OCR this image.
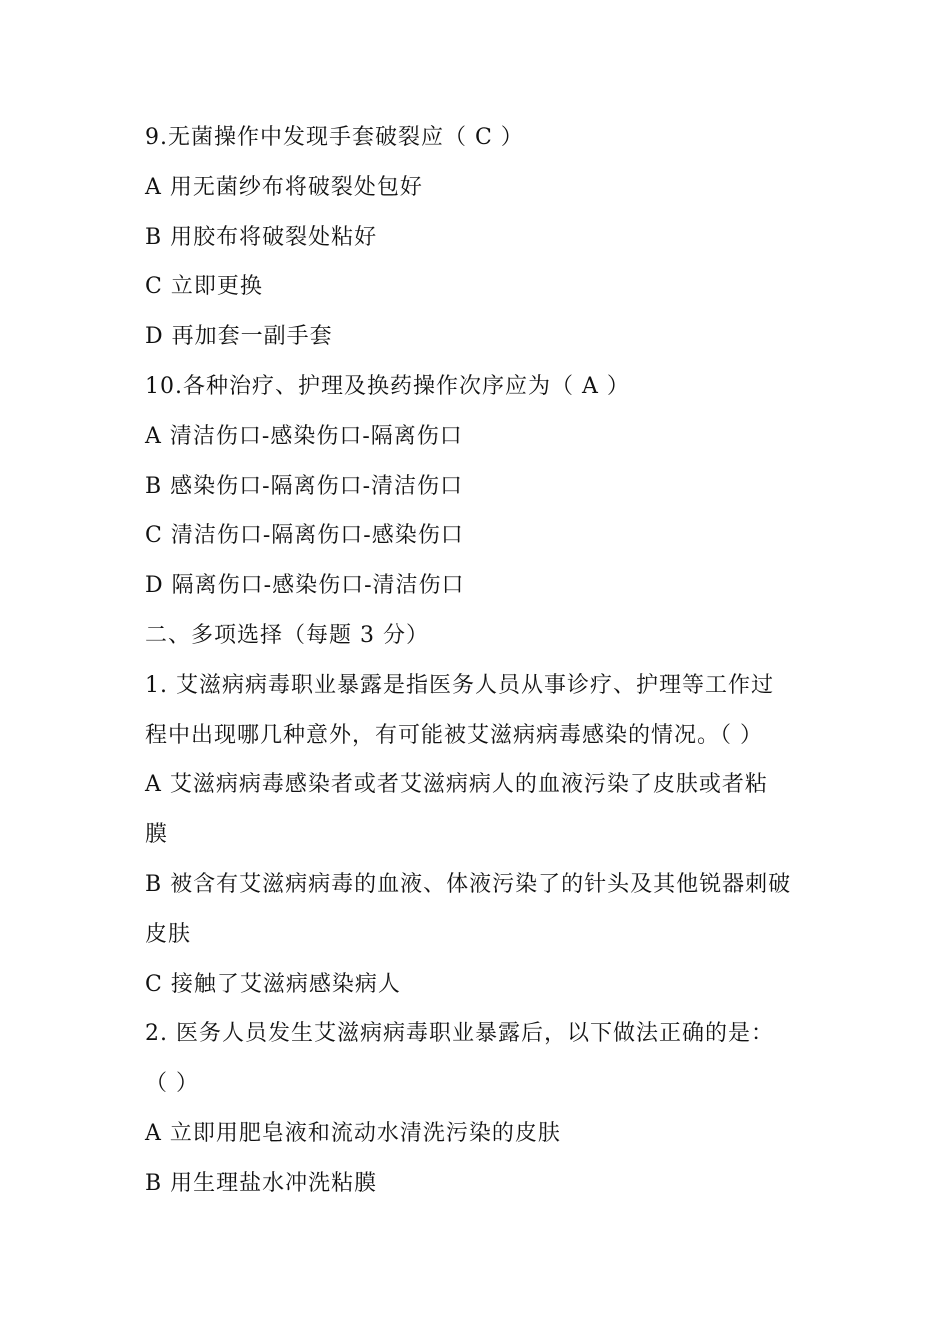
9.无菌操作中发现手套破裂应（ C ）
A 用无菌纱布将破裂处包好
B 用胶布将破裂处粘好
C 立即更换
D 再加套一副手套
10.各种治疗、护理及换药操作次序应为（ A ）
A 清洁伤口-感染伤口-隔离伤口
B 感染伤口-隔离伤口-清洁伤口
C 清洁伤口-隔离伤口-感染伤口
D 隔离伤口-感染伤口-清洁伤口
二、多项选择（每题 3 分）
1. 艾滋病病毒职业暴露是指医务人员从事诊疗、护理等工作过
程中出现哪几种意外，有可能被艾滋病病毒感染的情况。（ ）
A 艾滋病病毒感染者或者艾滋病病人的血液污染了皮肤或者粘
膜
B 被含有艾滋病病毒的血液、体液污染了的针头及其他锐器刺破
皮肤
C 接触了艾滋病感染病人
2. 医务人员发生艾滋病病毒职业暴露后，以下做法正确的是：
（ ）
A 立即用肥皂液和流动水清洗污染的皮肤
B 用生理盐水冲洗粘膜
